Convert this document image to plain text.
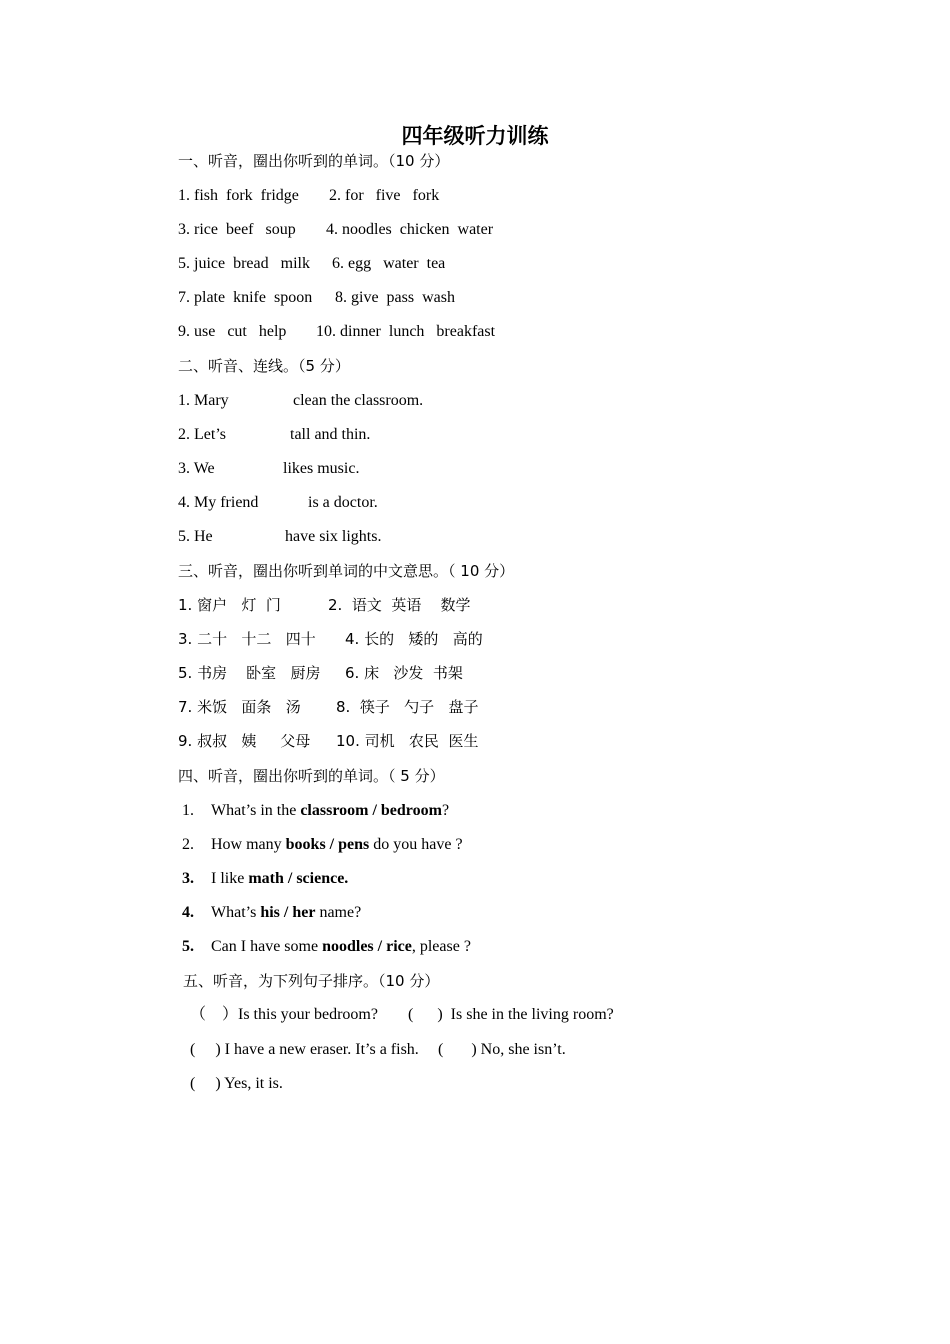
四年级听力训练
一、听音，圈出你听到的单词。（10 分）

1. fish  fork  fridge

2. for   five   fork

3. rice  beef   soup

4. noodles  chicken  water

5. juice  bread   milk

6. egg   water  tea

7. plate  knife  spoon

8. give  pass  wash

9. use   cut   help

10. dinner  lunch   breakfast

二、听音、连线。（5 分）

1. Mary

	clean the classroom.

2. Let’s

	tall and thin.

3. We

	likes music.

4. My friend

	is a doctor.

5. He

	have six lights.

三、听音，圈出你听到单词的中文意思。（ 10 分）

1. 窗户   灯  门

	2.  语文  英语    数学

3. 二十   十二   四十

4. 长的   矮的   高的

5. 书房    卧室   厨房

6. 床   沙发  书架

7. 米饭   面条   汤

8.  筷子   勺子   盘子

9. 叔叔   姨     父母

10. 司机   农民  医生

四、听音，圈出你听到的单词。（ 5 分）

1.

What’s in the classroom / bedroom?

2.

How many books / pens do you have ?

3.

I like math / science.

4.

What’s his / her name?

5.

Can I have some noodles / rice, please ?

五、听音，为下列句子排序。（10 分）

（    ）Is this your bedroom?

(      )  Is she in the living room?

(     ) I have a new eraser. It’s a fish.

(       ) No, she isn’t.

(     ) Yes, it is.
